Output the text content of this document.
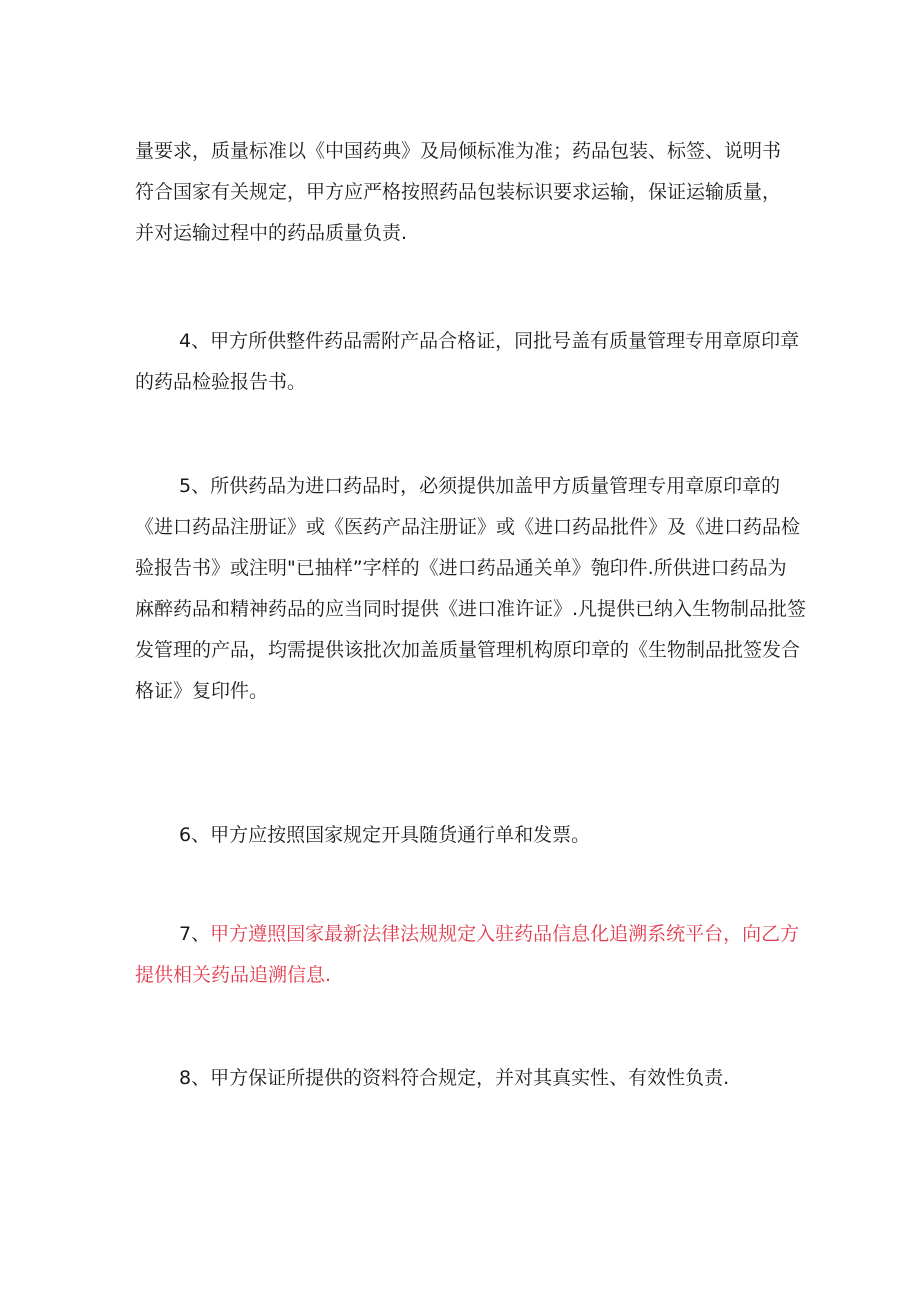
量要求，质量标准以《中国药典》及局倾标准为准；药品包装、标签、说明书
符合国家有关规定，甲方应严格按照药品包装标识要求运输，保证运输质量，
并对运输过程中的药品质量负责.

4、甲方所供整件药品需附产品合格证，同批号盖有质量管理专用章原印章
的药品检验报告书。

5、所供药品为进口药品时，必须提供加盖甲方质量管理专用章原印章的
《进口药品注册证》或《医药产品注册证》或《进口药品批件》及《进口药品检
验报告书》或注明"已抽样”字样的《进口药品通关单》匏印件.所供进口药品为
麻醉药品和精神药品的应当同时提供《进口准许证》.凡提供已纳入生物制品批签
发管理的产品，均需提供该批次加盖质量管理机构原印章的《生物制品批签发合
格证》复印件。

6、甲方应按照国家规定开具随货通行单和发票。

7、甲方遵照国家最新法律法规规定入驻药品信息化追溯系统平台，向乙方
提供相关药品追溯信息.

8、甲方保证所提供的资料符合规定，并对其真实性、有效性负责.
